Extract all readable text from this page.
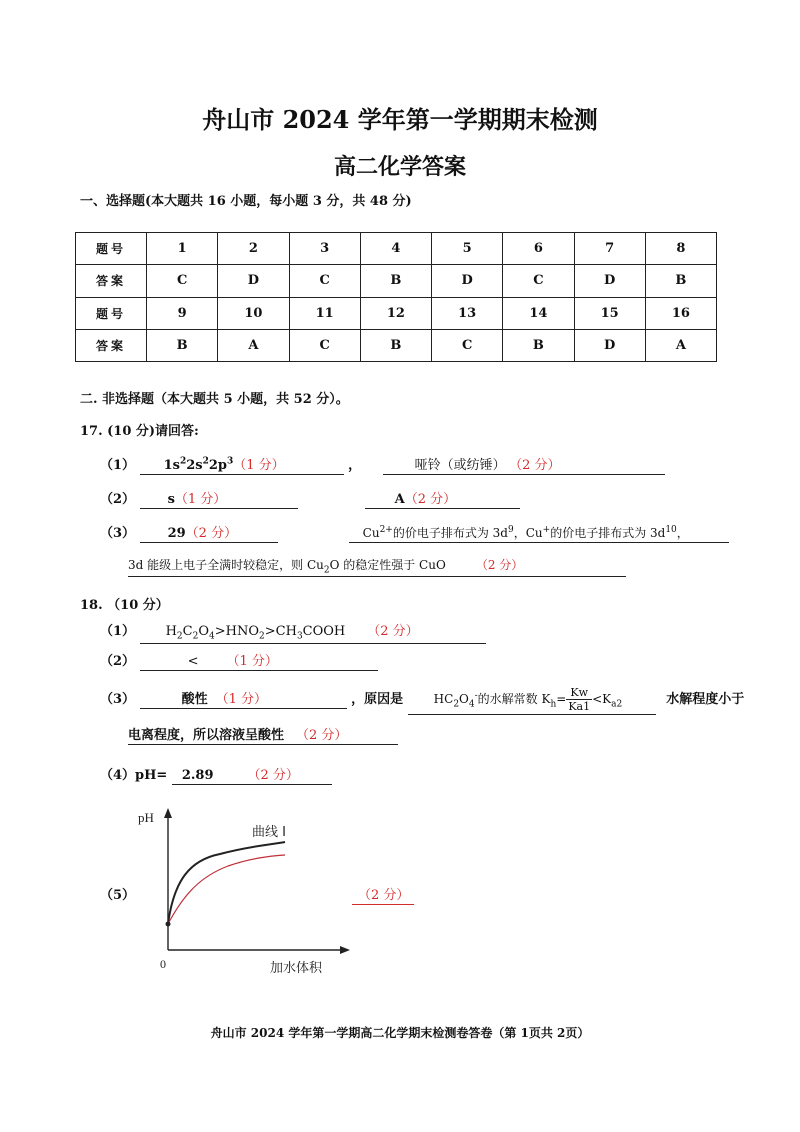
舟山市 2024 学年第一学期期末检测
高二化学答案
一、选择题(本大题共 16 小题，每小题 3 分，共 48 分)
题号	1	2	3	4	5	6	7	8
答案	C	D	C	B	D	C	D	B
题号	9	10	11	12	13	14	15	16
答案	B	A	C	B	C	B	D	A
二. 非选择题（本大题共 5 小题，共 52 分）。
17. (10 分)请回答:
（1） $1s^22s^22p^3(1$ 分）	，	哑铃（或纺锤） （2 分）
（2）	s（1 分）	A（2 分）
（3）	29（2 分）	$Cu^{2+}$的价电子排布式为 $3d^9$，Cu+的价电子排布式为 $3d^{10}$，
3d 能级上电子全满时较稳定，则 $Cu_2O$ 的稳定性强于 CuO	（2 分）
18. （10 分）
（1） $H_2C_2O_4>HNO_2>CH_3COOH$ （2 分）
（2）	< （1 分）
（3）	酸性 （1 分）	，原因是	$HC_2O_4^-$的水解常数 $K_h= \frac{Kw}{Ka1} <K_{a2}$	水解程度小于
电离程度，所以溶液呈酸性 （2 分）
（4）pH= 2.89	（2 分）
（5）	（2 分）
pH
0	加水体积
曲线 I
舟山市 2024 学年第一学期高二化学期末检测卷答卷（第 1页共 2页）
